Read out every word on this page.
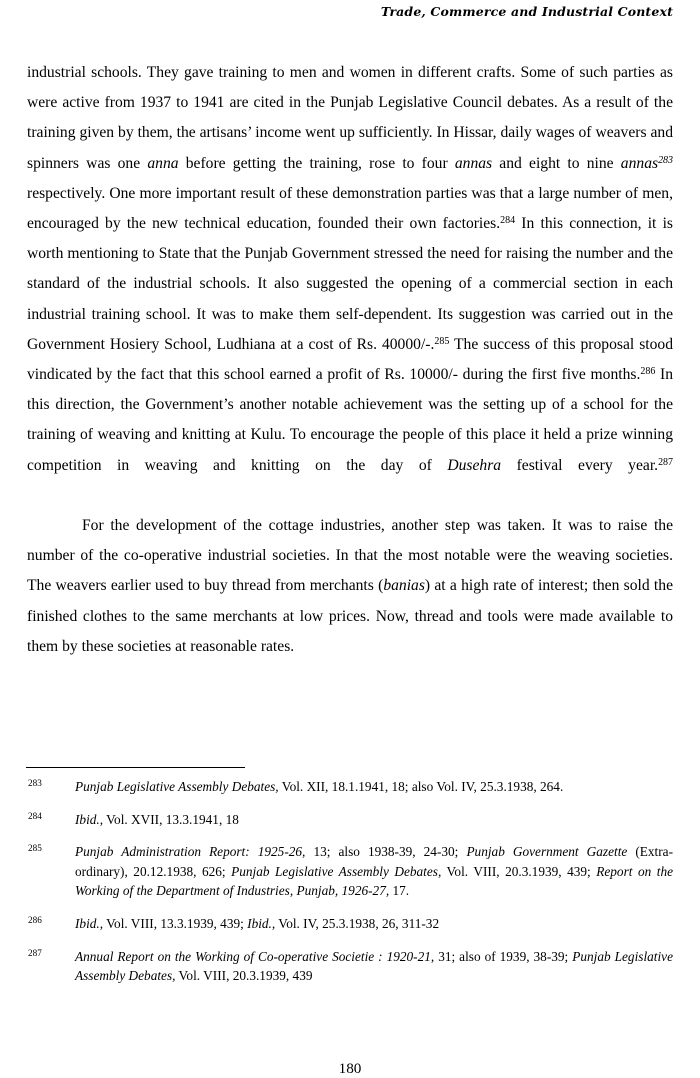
Trade, Commerce and Industrial Context

industrial schools. They gave training to men and women in different crafts. Some of such parties as were active from 1937 to 1941 are cited in the Punjab Legislative Council debates. As a result of the training given by them, the artisans’ income went up sufficiently. In Hissar, daily wages of weavers and spinners was one anna before getting the training, rose to four annas and eight to nine annas$^{283}$ respectively. One more important result of these demonstration parties was that a large number of men, encouraged by the new technical education, founded their own factories.$^{284}$ In this connection, it is worth mentioning to State that the Punjab Government stressed the need for raising the number and the standard of the industrial schools. It also suggested the opening of a commercial section in each industrial training school. It was to make them self-dependent. Its suggestion was carried out in the Government Hosiery School, Ludhiana at a cost of Rs. 40000/-.$^{285}$ The success of this proposal stood vindicated by the fact that this school earned a profit of Rs. 10000/- during the first five months.$^{286}$ In this direction, the Government’s another notable achievement was the setting up of a school for the training of weaving and knitting at Kulu. To encourage the people of this place it held a prize winning competition in weaving and knitting on the day of Dusehra festival every year.$^{287}$

For the development of the cottage industries, another step was taken. It was to raise the number of the co-operative industrial societies. In that the most notable were the weaving societies. The weavers earlier used to buy thread from merchants (banias) at a high rate of interest; then sold the finished clothes to the same merchants at low prices. Now, thread and tools were made available to them by these societies at reasonable rates.

283 Punjab Legislative Assembly Debates, Vol. XII, 18.1.1941, 18; also Vol. IV, 25.3.1938, 264.
284 Ibid., Vol. XVII, 13.3.1941, 18
285 Punjab Administration Report: 1925-26, 13; also 1938-39, 24-30; Punjab Government Gazette (Extra-ordinary), 20.12.1938, 626; Punjab Legislative Assembly Debates, Vol. VIII, 20.3.1939, 439; Report on the Working of the Department of Industries, Punjab, 1926-27, 17.
286 Ibid., Vol. VIII, 13.3.1939, 439; Ibid., Vol. IV, 25.3.1938, 26, 311-32
287 Annual Report on the Working of Co-operative Societie : 1920-21, 31; also of 1939, 38-39; Punjab Legislative Assembly Debates, Vol. VIII, 20.3.1939, 439
180
